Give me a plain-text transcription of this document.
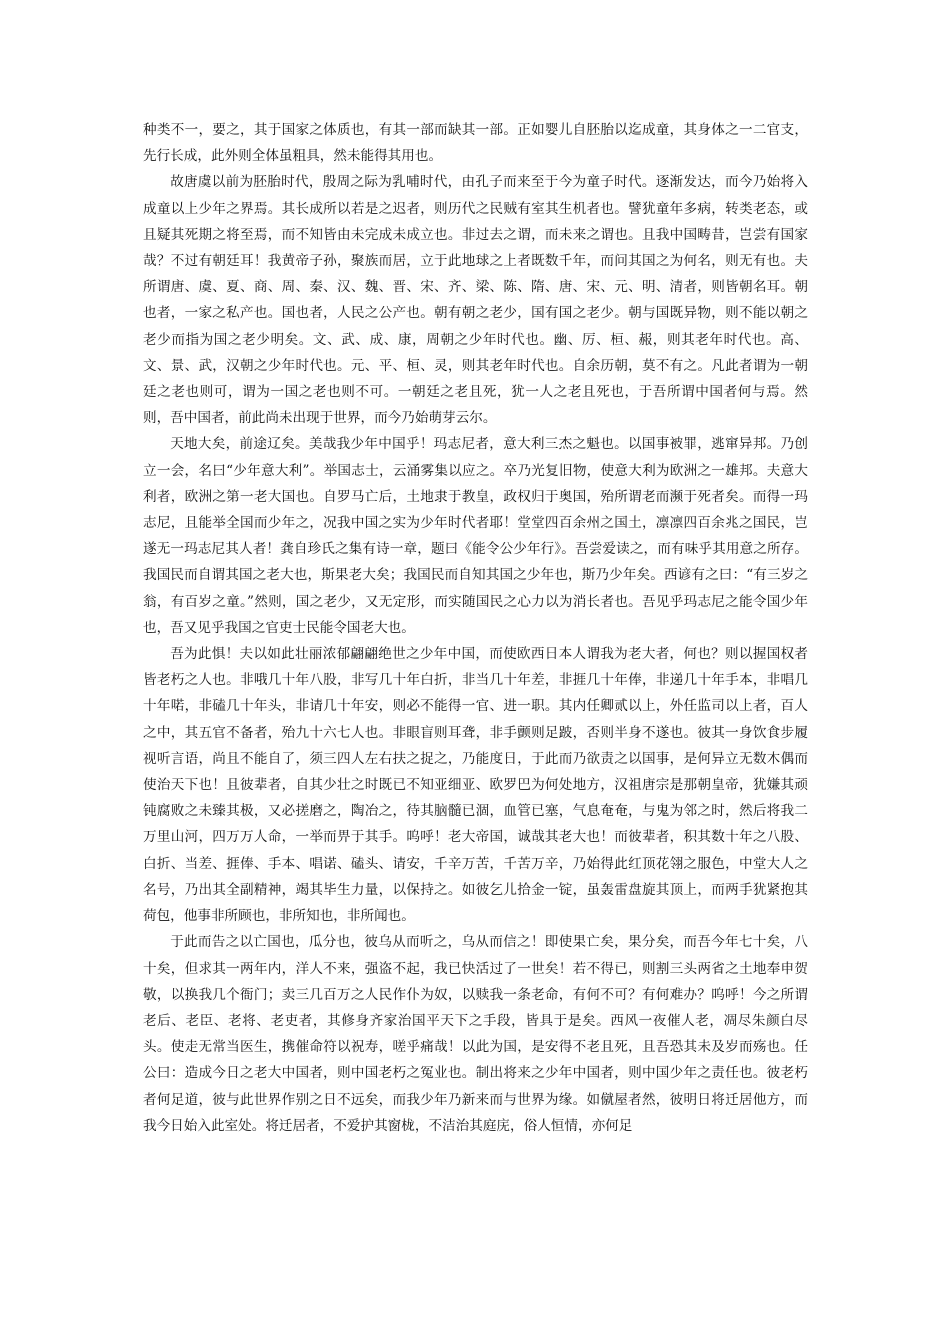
种类不一，要之，其于国家之体质也，有其一部而缺其一部。正如婴儿自胚胎以迄成童，其身体之一二官支，先行长成，此外则全体虽粗具，然未能得其用也。

故唐虞以前为胚胎时代，殷周之际为乳哺时代，由孔子而来至于今为童子时代。逐渐发达，而今乃始将入成童以上少年之界焉。其长成所以若是之迟者，则历代之民贼有室其生机者也。譬犹童年多病，转类老态，或且疑其死期之将至焉，而不知皆由未完成未成立也。非过去之谓，而未来之谓也。且我中国畴昔，岂尝有国家哉？不过有朝廷耳！我黄帝子孙，聚族而居，立于此地球之上者既数千年，而问其国之为何名，则无有也。夫所谓唐、虞、夏、商、周、秦、汉、魏、晋、宋、齐、梁、陈、隋、唐、宋、元、明、清者，则皆朝名耳。朝也者，一家之私产也。国也者，人民之公产也。朝有朝之老少，国有国之老少。朝与国既异物，则不能以朝之老少而指为国之老少明矣。文、武、成、康，周朝之少年时代也。幽、厉、桓、赧，则其老年时代也。高、文、景、武，汉朝之少年时代也。元、平、桓、灵，则其老年时代也。自余历朝，莫不有之。凡此者谓为一朝廷之老也则可，谓为一国之老也则不可。一朝廷之老且死，犹一人之老且死也，于吾所谓中国者何与焉。然则，吾中国者，前此尚未出现于世界，而今乃始萌芽云尔。

天地大矣，前途辽矣。美哉我少年中国乎！玛志尼者，意大利三杰之魁也。以国事被罪，逃窜异邦。乃创立一会，名曰“少年意大利”。举国志士，云涌雾集以应之。卒乃光复旧物，使意大利为欧洲之一雄邦。夫意大利者，欧洲之第一老大国也。自罗马亡后，土地隶于教皇，政权归于奥国，殆所谓老而濒于死者矣。而得一玛志尼，且能举全国而少年之，况我中国之实为少年时代者耶！堂堂四百余州之国土，凛凛四百余兆之国民，岂遂无一玛志尼其人者！龚自珍氏之集有诗一章，题曰《能令公少年行》。吾尝爱读之，而有味乎其用意之所存。我国民而自谓其国之老大也，斯果老大矣；我国民而自知其国之少年也，斯乃少年矣。西谚有之曰：“有三岁之翁，有百岁之童。”然则，国之老少，又无定形，而实随国民之心力以为消长者也。吾见乎玛志尼之能令国少年也，吾又见乎我国之官吏士民能令国老大也。

吾为此惧！夫以如此壮丽浓郁翩翩绝世之少年中国，而使欧西日本人谓我为老大者，何也？则以握国权者皆老朽之人也。非哦几十年八股，非写几十年白折，非当几十年差，非捱几十年俸，非递几十年手本，非唱几十年喏，非磕几十年头，非请几十年安，则必不能得一官、进一职。其内任卿贰以上，外任监司以上者，百人之中，其五官不备者，殆九十六七人也。非眼盲则耳聋，非手颤则足跛，否则半身不遂也。彼其一身饮食步履视听言语，尚且不能自了，须三四人左右扶之捉之，乃能度日，于此而乃欲责之以国事，是何异立无数木偶而使治天下也！且彼辈者，自其少壮之时既已不知亚细亚、欧罗巴为何处地方，汉祖唐宗是那朝皇帝，犹嫌其顽钝腐败之未臻其极，又必搓磨之，陶冶之，待其脑髓已涸，血管已塞，气息奄奄，与鬼为邻之时，然后将我二万里山河，四万万人命，一举而畀于其手。呜呼！老大帝国，诚哉其老大也！而彼辈者，积其数十年之八股、白折、当差、捱俸、手本、唱诺、磕头、请安，千辛万苦，千苦万辛，乃始得此红顶花翎之服色，中堂大人之名号，乃出其全副精神，竭其毕生力量，以保持之。如彼乞儿拾金一锭，虽轰雷盘旋其顶上，而两手犹紧抱其荷包，他事非所顾也，非所知也，非所闻也。

于此而告之以亡国也，瓜分也，彼乌从而听之，乌从而信之！即使果亡矣，果分矣，而吾今年七十矣，八十矣，但求其一两年内，洋人不来，强盗不起，我已快活过了一世矣！若不得已，则割三头两省之土地奉申贺敬，以换我几个衙门；卖三几百万之人民作仆为奴，以赎我一条老命，有何不可？有何难办？呜呼！今之所谓老后、老臣、老将、老吏者，其修身齐家治国平天下之手段，皆具于是矣。西风一夜催人老，凋尽朱颜白尽头。使走无常当医生，携催命符以祝寿，嗟乎痛哉！以此为国，是安得不老且死，且吾恐其未及岁而殇也。任公曰：造成今日之老大中国者，则中国老朽之冤业也。制出将来之少年中国者，则中国少年之责任也。彼老朽者何足道，彼与此世界作别之日不远矣，而我少年乃新来而与世界为缘。如僦屋者然，彼明日将迁居他方，而我今日始入此室处。将迁居者，不爱护其窗栊，不洁治其庭庑，俗人恒情，亦何足
